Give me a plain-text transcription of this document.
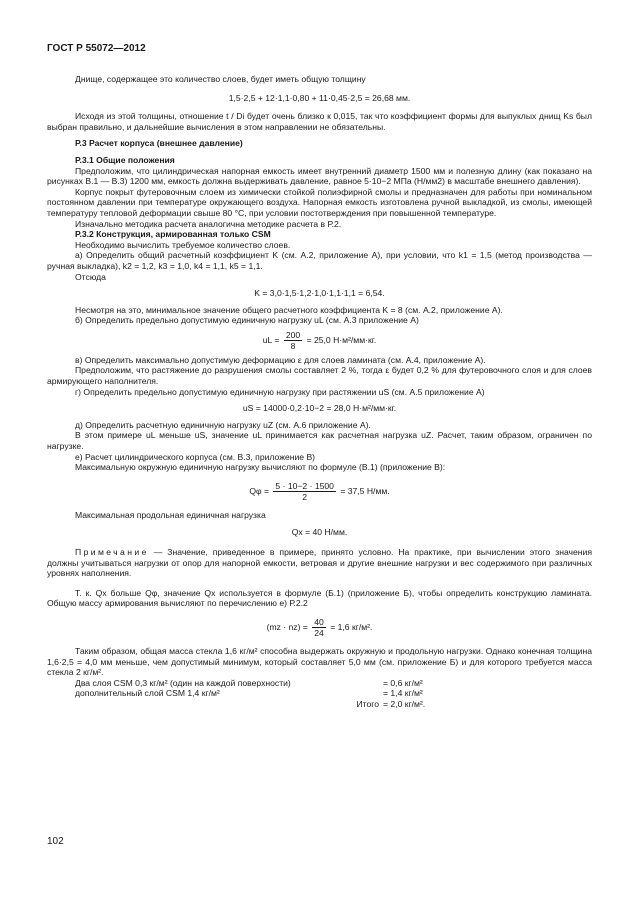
ГОСТ Р 55072—2012

Днище, содержащее это количество слоев, будет иметь общую толщину

1,5·2,5 + 12·1,1·0,80 + 11·0,45·2,5 = 26,68 мм.

Исходя из этой толщины, отношение t / Di будет очень близко к 0,015, так что коэффициент формы для выпуклых днищ Ks был выбран правильно, и дальнейшие вычисления в этом направлении не обязательны.

Р.3 Расчет корпуса (внешнее давление)

Р.3.1 Общие положения

Предположим, что цилиндрическая напорная емкость имеет внутренний диаметр 1500 мм и полезную длину (как показано на рисунках В.1 — В.3) 1200 мм, емкость должна выдерживать давление, равное 5·10−2 МПа (Н/мм2) в масштабе внешнего давления).

Корпус покрыт футеровочным слоем из химически стойкой полиэфирной смолы и предназначен для работы при номинальном постоянном давлении при температуре окружающего воздуха. Напорная емкость изготовлена ручной выкладкой, из смолы, имеющей температуру тепловой деформации свыше 80 °С, при условии постотверждения при повышенной температуре.

Изначально методика расчета аналогична методике расчета в Р.2.

Р.3.2 Конструкция, армированная только CSM

Необходимо вычислить требуемое количество слоев.

а) Определить общий расчетный коэффициент K (см. А.2, приложение А), при условии, что k1 = 1,5 (метод производства — ручная выкладка), k2 = 1,2, k3 = 1,0, k4 = 1,1, k5 = 1,1.

Отсюда

K = 3,0·1,5·1,2·1,0·1,1·1,1 = 6,54.

Несмотря на это, минимальное значение общего расчетного коэффициента K = 8 (см. А.2, приложение А).

б) Определить предельно допустимую единичную нагрузку uL (см. А.3 приложение А)

uL = $\frac{200}{8} = 25,0$ Н·м²/мм·кг.

в) Определить максимально допустимую деформацию ε для слоев ламината (см. А.4, приложение А).

Предположим, что растяжение до разрушения смолы составляет 2 %, тогда ε будет 0,2 % для футеровочного слоя и для слоев армирующего наполнителя.

г) Определить предельно допустимую единичную нагрузку при растяжении uS (см. А.5 приложение А)

uS = 14000·0,2·10−2 = 28,0 Н·м²/мм·кг.

д) Определить расчетную единичную нагрузку uZ (см. А.6 приложение А).

В этом примере uL меньше uS, значение uL принимается как расчетная нагрузка uZ. Расчет, таким образом, ограничен по нагрузке.

е) Расчет цилиндрического корпуса (см. В.3, приложение В)

Максимальную окружную единичную нагрузку вычисляют по формуле (В.1) (приложение В):

$Q\varphi = \frac{5 \cdot 10-2 \cdot 1500}{2} = 37,5$ Н/мм.

Максимальная продольная единичная нагрузка

Qx = 40 Н/мм.

Примечание — Значение, приведенное в примере, принято условно. На практике, при вычислении этого значения должны учитываться нагрузки от опор для напорной емкости, ветровая и другие внешние нагрузки и вес содержимого при различных уровнях наполнения.

Т. к. Qx больше Qφ, значение Qx используется в формуле (Б.1) (приложение Б), чтобы определить конструкцию ламината. Общую массу армирования вычисляют по перечислению е) Р.2.2

$(mz \cdot nz) = \frac{40}{24} = 1,6$ кг/м².

Таким образом, общая масса стекла 1,6 кг/м² способна выдержать окружную и продольную нагрузки. Однако конечная толщина 1,6·2,5 = 4,0 мм меньше, чем допустимый минимум, который составляет 5,0 мм (см. приложение Б) и для которого требуется масса стекла 2 кг/м².

Два слоя CSM 0,3 кг/м² (один на каждой поверхности)	= 0,6 кг/м²
дополнительный слой CSM 1,4 кг/м²	= 1,4 кг/м²
Итого = 2,0 кг/м².
102
